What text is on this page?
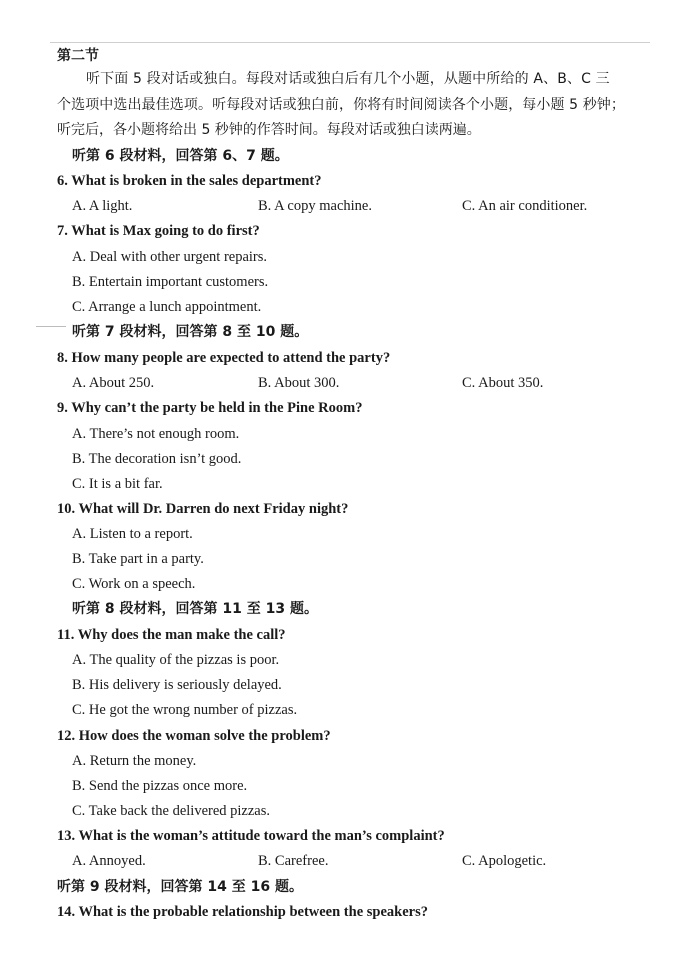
第二节
听下面 5 段对话或独白。每段对话或独白后有几个小题，从题中所给的 A、B、C 三
个选项中选出最佳选项。听每段对话或独白前，你将有时间阅读各个小题，每小题 5 秒钟；
听完后，各小题将给出 5 秒钟的作答时间。每段对话或独白读两遍。
听第 6 段材料，回答第 6、7 题。
6. What is broken in the sales department?
A. A light.	B. A copy machine.	C. An air conditioner.
7. What is Max going to do first?
A. Deal with other urgent repairs.
B. Entertain important customers.
C. Arrange a lunch appointment.
听第 7 段材料，回答第 8 至 10 题。
8. How many people are expected to attend the party?
A. About 250.	B. About 300.	C. About 350.
9. Why can’t the party be held in the Pine Room?
A. There’s not enough room.
B. The decoration isn’t good.
C. It is a bit far.
10. What will Dr. Darren do next Friday night?
A. Listen to a report.
B. Take part in a party.
C. Work on a speech.
听第 8 段材料，回答第 11 至 13 题。
11. Why does the man make the call?
A. The quality of the pizzas is poor.
B. His delivery is seriously delayed.
C. He got the wrong number of pizzas.
12. How does the woman solve the problem?
A. Return the money.
B. Send the pizzas once more.
C. Take back the delivered pizzas.
13. What is the woman’s attitude toward the man’s complaint?
A. Annoyed.	B. Carefree.	C. Apologetic.
听第 9 段材料，回答第 14 至 16 题。
14. What is the probable relationship between the speakers?
